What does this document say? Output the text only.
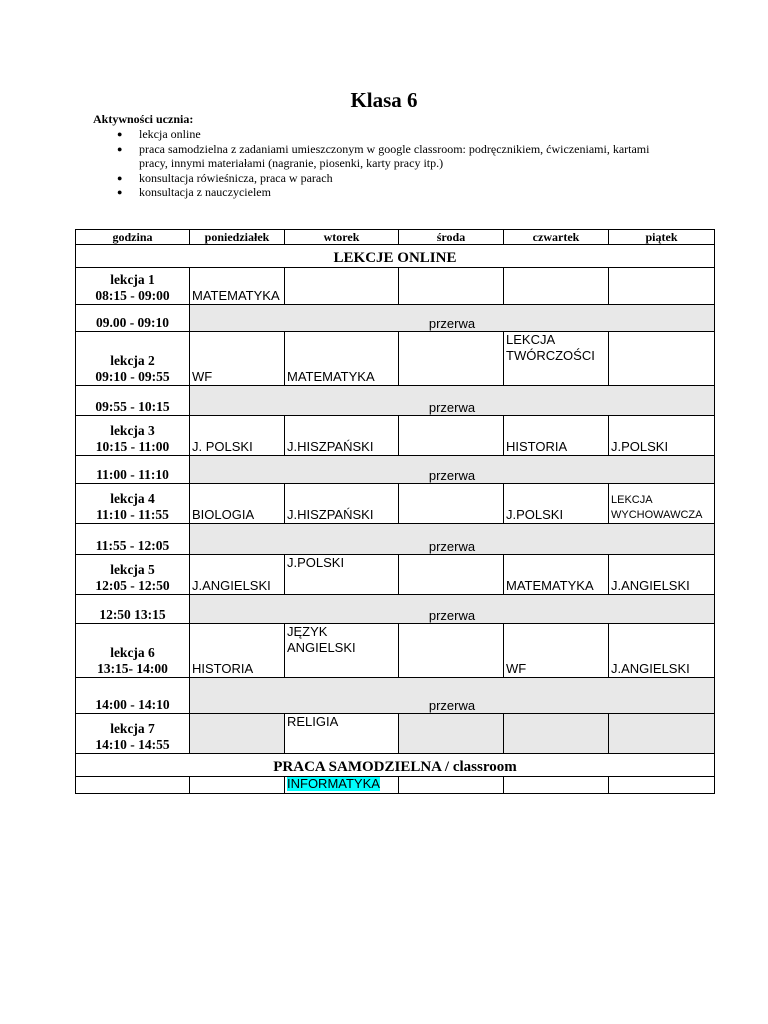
Klasa 6
Aktywności ucznia:
● lekcja online
● praca samodzielna z zadaniami umieszczonym w google classroom: podręcznikiem, ćwiczeniami, kartami pracy, innymi materiałami (nagranie, piosenki, karty pracy itp.)
● konsultacja rówieśnicza, praca w parach
● konsultacja z nauczycielem
godzina	poniedziałek	wtorek	środa	czwartek	piątek
LEKCJE ONLINE					

lekcja 1
08:15 - 09:00	MATEMATYKA				
09.00 - 09:10	przerwa				

lekcja 2
09:10 - 09:55	WF	MATEMATYKA		LEKCJA TWÓRCZOŚCI	
09:55 - 10:15	przerwa				

lekcja 3
10:15 - 11:00	J. POLSKI	J.HISZPAŃSKI		HISTORIA	J.POLSKI
11:00 - 11:10	przerwa				

lekcja 4
11:10 - 11:55	BIOLOGIA	J.HISZPAŃSKI		J.POLSKI	LEKCJA WYCHOWAWCZA
11:55 - 12:05	przerwa				

lekcja 5
12:05 - 12:50	J.ANGIELSKI	J.POLSKI		MATEMATYKA	J.ANGIELSKI
12:50 13:15	przerwa				

lekcja 6
13:15- 14:00	HISTORIA	JĘZYK ANGIELSKI		WF	J.ANGIELSKI
14:00 - 14:10	przerwa				

lekcja 7
14:10 - 14:55		RELIGIA			
PRACA SAMODZIELNA / classroom					
		INFORMATYKA			
